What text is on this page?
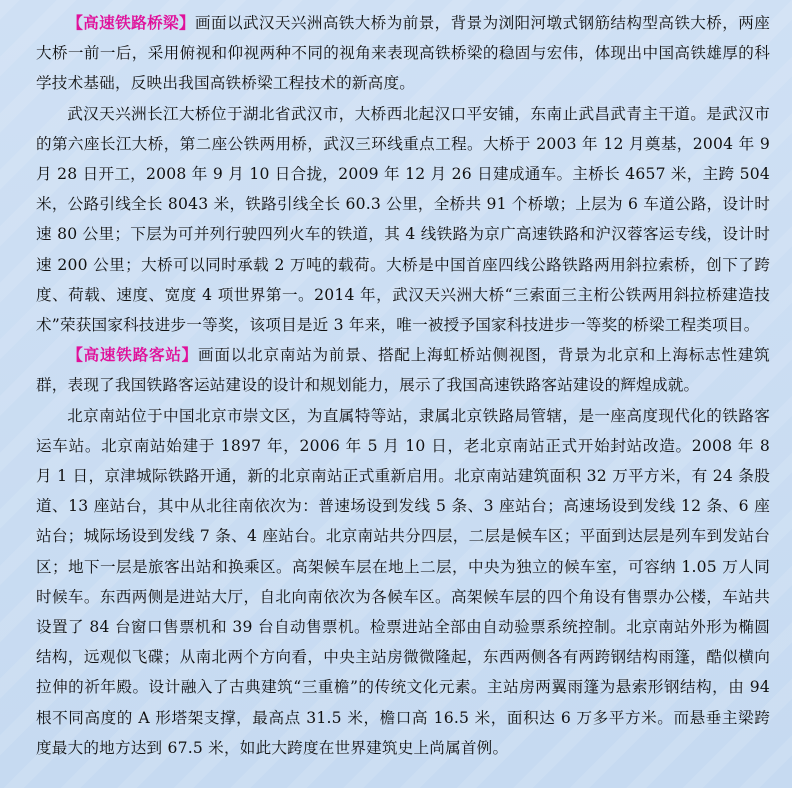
【高速铁路桥梁】画面以武汉天兴洲高铁大桥为前景，背景为浏阳河墩式钢筋结构型高铁大桥，两座大桥一前一后，采用俯视和仰视两种不同的视角来表现高铁桥梁的稳固与宏伟，体现出中国高铁雄厚的科学技术基础，反映出我国高铁桥梁工程技术的新高度。

武汉天兴洲长江大桥位于湖北省武汉市，大桥西北起汉口平安铺，东南止武昌武青主干道。是武汉市的第六座长江大桥，第二座公铁两用桥，武汉三环线重点工程。大桥于 2003 年 12 月奠基，2004 年 9 月 28 日开工，2008 年 9 月 10 日合拢，2009 年 12 月 26 日建成通车。主桥长 4657 米，主跨 504 米，公路引线全长 8043 米，铁路引线全长 60.3 公里，全桥共 91 个桥墩；上层为 6 车道公路，设计时速 80 公里；下层为可并列行驶四列火车的铁道，其 4 线铁路为京广高速铁路和沪汉蓉客运专线，设计时速 200 公里；大桥可以同时承载 2 万吨的载荷。大桥是中国首座四线公路铁路两用斜拉索桥，创下了跨度、荷载、速度、宽度 4 项世界第一。2014 年，武汉天兴洲大桥“三索面三主桁公铁两用斜拉桥建造技术”荣获国家科技进步一等奖，该项目是近 3 年来，唯一被授予国家科技进步一等奖的桥梁工程类项目。

【高速铁路客站】画面以北京南站为前景、搭配上海虹桥站侧视图，背景为北京和上海标志性建筑群，表现了我国铁路客运站建设的设计和规划能力，展示了我国高速铁路客站建设的辉煌成就。

北京南站位于中国北京市崇文区，为直属特等站，隶属北京铁路局管辖，是一座高度现代化的铁路客运车站。北京南站始建于 1897 年，2006 年 5 月 10 日，老北京南站正式开始封站改造。2008 年 8 月 1 日，京津城际铁路开通，新的北京南站正式重新启用。北京南站建筑面积 32 万平方米，有 24 条股道、13 座站台，其中从北往南依次为：普速场设到发线 5 条、3 座站台；高速场设到发线 12 条、6 座站台；城际场设到发线 7 条、4 座站台。北京南站共分四层，二层是候车区；平面到达层是列车到发站台区；地下一层是旅客出站和换乘区。高架候车层在地上二层，中央为独立的候车室，可容纳 1.05 万人同时候车。东西两侧是进站大厅，自北向南依次为各候车区。高架候车层的四个角设有售票办公楼，车站共设置了 84 台窗口售票机和 39 台自动售票机。检票进站全部由自动验票系统控制。北京南站外形为椭圆结构，远观似飞碟；从南北两个方向看，中央主站房微微隆起，东西两侧各有两跨钢结构雨篷，酷似横向拉伸的祈年殿。设计融入了古典建筑“三重檐”的传统文化元素。主站房两翼雨篷为悬索形钢结构，由 94 根不同高度的 A 形塔架支撑，最高点 31.5 米，檐口高 16.5 米，面积达 6 万多平方米。而悬垂主梁跨度最大的地方达到 67.5 米，如此大跨度在世界建筑史上尚属首例。
